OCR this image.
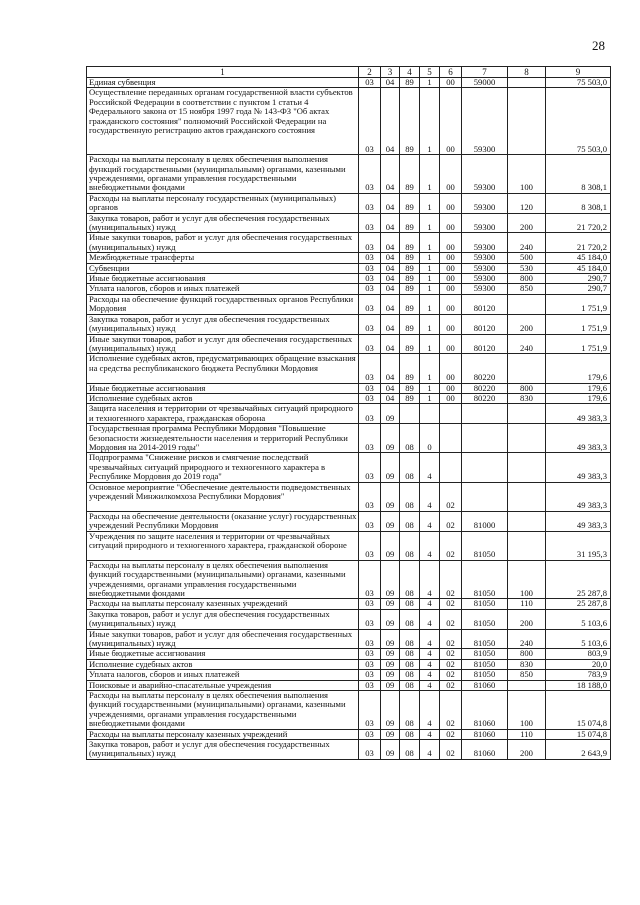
28
.
1	2	3	4	5	6	7	8	9
Единая субвенция	03	04	89	1	00	59000		75 503,0
Осуществление переданных органам государственной власти субъектов Российской Федерации в соответствии с пунктом 1 статьи 4 Федерального закона от 15 ноября 1997 года № 143-ФЗ "Об актах гражданского состояния" полномочий Российской Федерации на государственную регистрацию актов гражданского состояния	03	04	89	1	00	59300		75 503,0
Расходы на выплаты персоналу в целях обеспечения выполнения функций государственными (муниципальными) органами, казенными учреждениями, органами управления государственными внебюджетными фондами	03	04	89	1	00	59300	100	8 308,1
Расходы на выплаты персоналу государственных (муниципальных) органов	03	04	89	1	00	59300	120	8 308,1
Закупка товаров, работ и услуг для обеспечения государственных (муниципальных) нужд	03	04	89	1	00	59300	200	21 720,2
Иные закупки товаров, работ и услуг для обеспечения государственных (муниципальных) нужд	03	04	89	1	00	59300	240	21 720,2
Межбюджетные трансферты	03	04	89	1	00	59300	500	45 184,0
Субвенции	03	04	89	1	00	59300	530	45 184,0
Иные бюджетные ассигнования	03	04	89	1	00	59300	800	290,7
Уплата налогов, сборов и иных платежей	03	04	89	1	00	59300	850	290,7
Расходы на обеспечение функций государственных органов Республики Мордовия	03	04	89	1	00	80120		1 751,9
Закупка товаров, работ и услуг для обеспечения государственных (муниципальных) нужд	03	04	89	1	00	80120	200	1 751,9
Иные закупки товаров, работ и услуг для обеспечения государственных (муниципальных) нужд	03	04	89	1	00	80120	240	1 751,9
Исполнение судебных актов, предусматривающих обращение взыскания на средства республиканского бюджета Республики Мордовия	03	04	89	1	00	80220		179,6
Иные бюджетные ассигнования	03	04	89	1	00	80220	800	179,6
Исполнение судебных актов	03	04	89	1	00	80220	830	179,6
Защита населения и территории от чрезвычайных ситуаций природного и техногенного характера, гражданская оборона	03	09						49 383,3
Государственная программа Республики Мордовия "Повышение безопасности жизнедеятельности населения и территорий Республики Мордовия на 2014-2019 годы"	03	09	08	0				49 383,3
Подпрограмма "Снижение рисков и смягчение последствий чрезвычайных ситуаций природного и техногенного характера в Республике Мордовия до 2019 года"	03	09	08	4				49 383,3
Основное мероприятие "Обеспечение деятельности подведомственных учреждений Минжилкомхоза Республики Мордовия"	03	09	08	4	02			49 383,3
Расходы на обеспечение деятельности (оказание услуг) государственных учреждений Республики Мордовия	03	09	08	4	02	81000		49 383,3
Учреждения по защите населения и территории от чрезвычайных ситуаций природного и техногенного характера, гражданской обороне	03	09	08	4	02	81050		31 195,3
Расходы на выплаты персоналу в целях обеспечения выполнения функций государственными (муниципальными) органами, казенными учреждениями, органами управления государственными внебюджетными фондами	03	09	08	4	02	81050	100	25 287,8
Расходы на выплаты персоналу казенных учреждений	03	09	08	4	02	81050	110	25 287,8
Закупка товаров, работ и услуг для обеспечения государственных (муниципальных) нужд	03	09	08	4	02	81050	200	5 103,6
Иные закупки товаров, работ и услуг для обеспечения государственных (муниципальных) нужд	03	09	08	4	02	81050	240	5 103,6
Иные бюджетные ассигнования	03	09	08	4	02	81050	800	803,9
Исполнение судебных актов	03	09	08	4	02	81050	830	20,0
Уплата налогов, сборов и иных платежей	03	09	08	4	02	81050	850	783,9
Поисковые и аварийно-спасательные учреждения	03	09	08	4	02	81060		18 188,0
Расходы на выплаты персоналу в целях обеспечения выполнения функций государственными (муниципальными) органами, казенными учреждениями, органами управления государственными внебюджетными фондами	03	09	08	4	02	81060	100	15 074,8
Расходы на выплаты персоналу казенных учреждений	03	09	08	4	02	81060	110	15 074,8
Закупка товаров, работ и услуг для обеспечения государственных (муниципальных) нужд	03	09	08	4	02	81060	200	2 643,9
